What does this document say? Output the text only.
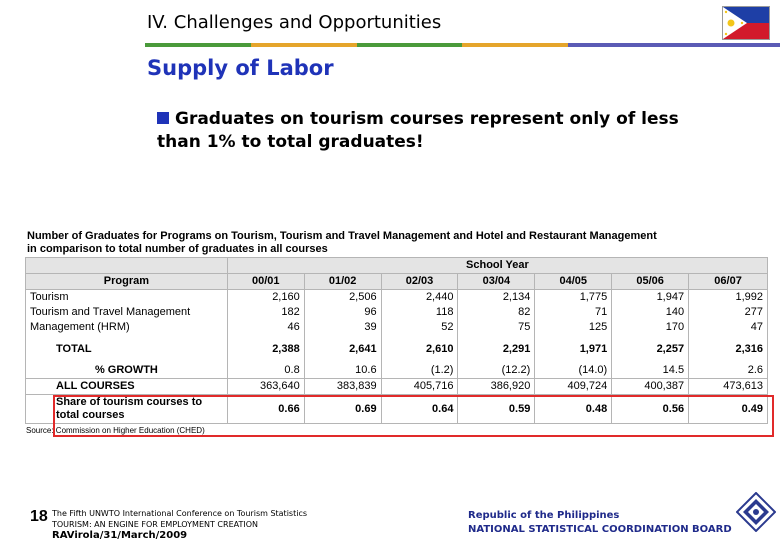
IV. Challenges and Opportunities
Supply of Labor
Graduates on tourism courses represent only of less than 1% to total graduates!
Number of Graduates for Programs on Tourism, Tourism and Travel Management and Hotel and Restaurant Management
in comparison to total number of graduates in all courses
	School Year						
Program	00/01	01/02	02/03	03/04	04/05	05/06	06/07
Tourism	2,160	2,506	2,440	2,134	1,775	1,947	1,992
Tourism and Travel Management	182	96	118	82	71	140	277
Management (HRM)	46	39	52	75	125	170	47
TOTAL	2,388	2,641	2,610	2,291	1,971	2,257	2,316
% GROWTH	0.8	10.6	(1.2)	(12.2)	(14.0)	14.5	2.6
ALL COURSES	363,640	383,839	405,716	386,920	409,724	400,387	473,613
Share of tourism courses to total courses	0.66	0.69	0.64	0.59	0.48	0.56	0.49
Source: Commission on Higher Education (CHED)
18 The Fifth UNWTO International Conference on Tourism Statistics
TOURISM: AN ENGINE FOR EMPLOYMENT CREATION
RAVirola/31/March/2009
Republic of the Philippines
NATIONAL STATISTICAL COORDINATION BOARD
